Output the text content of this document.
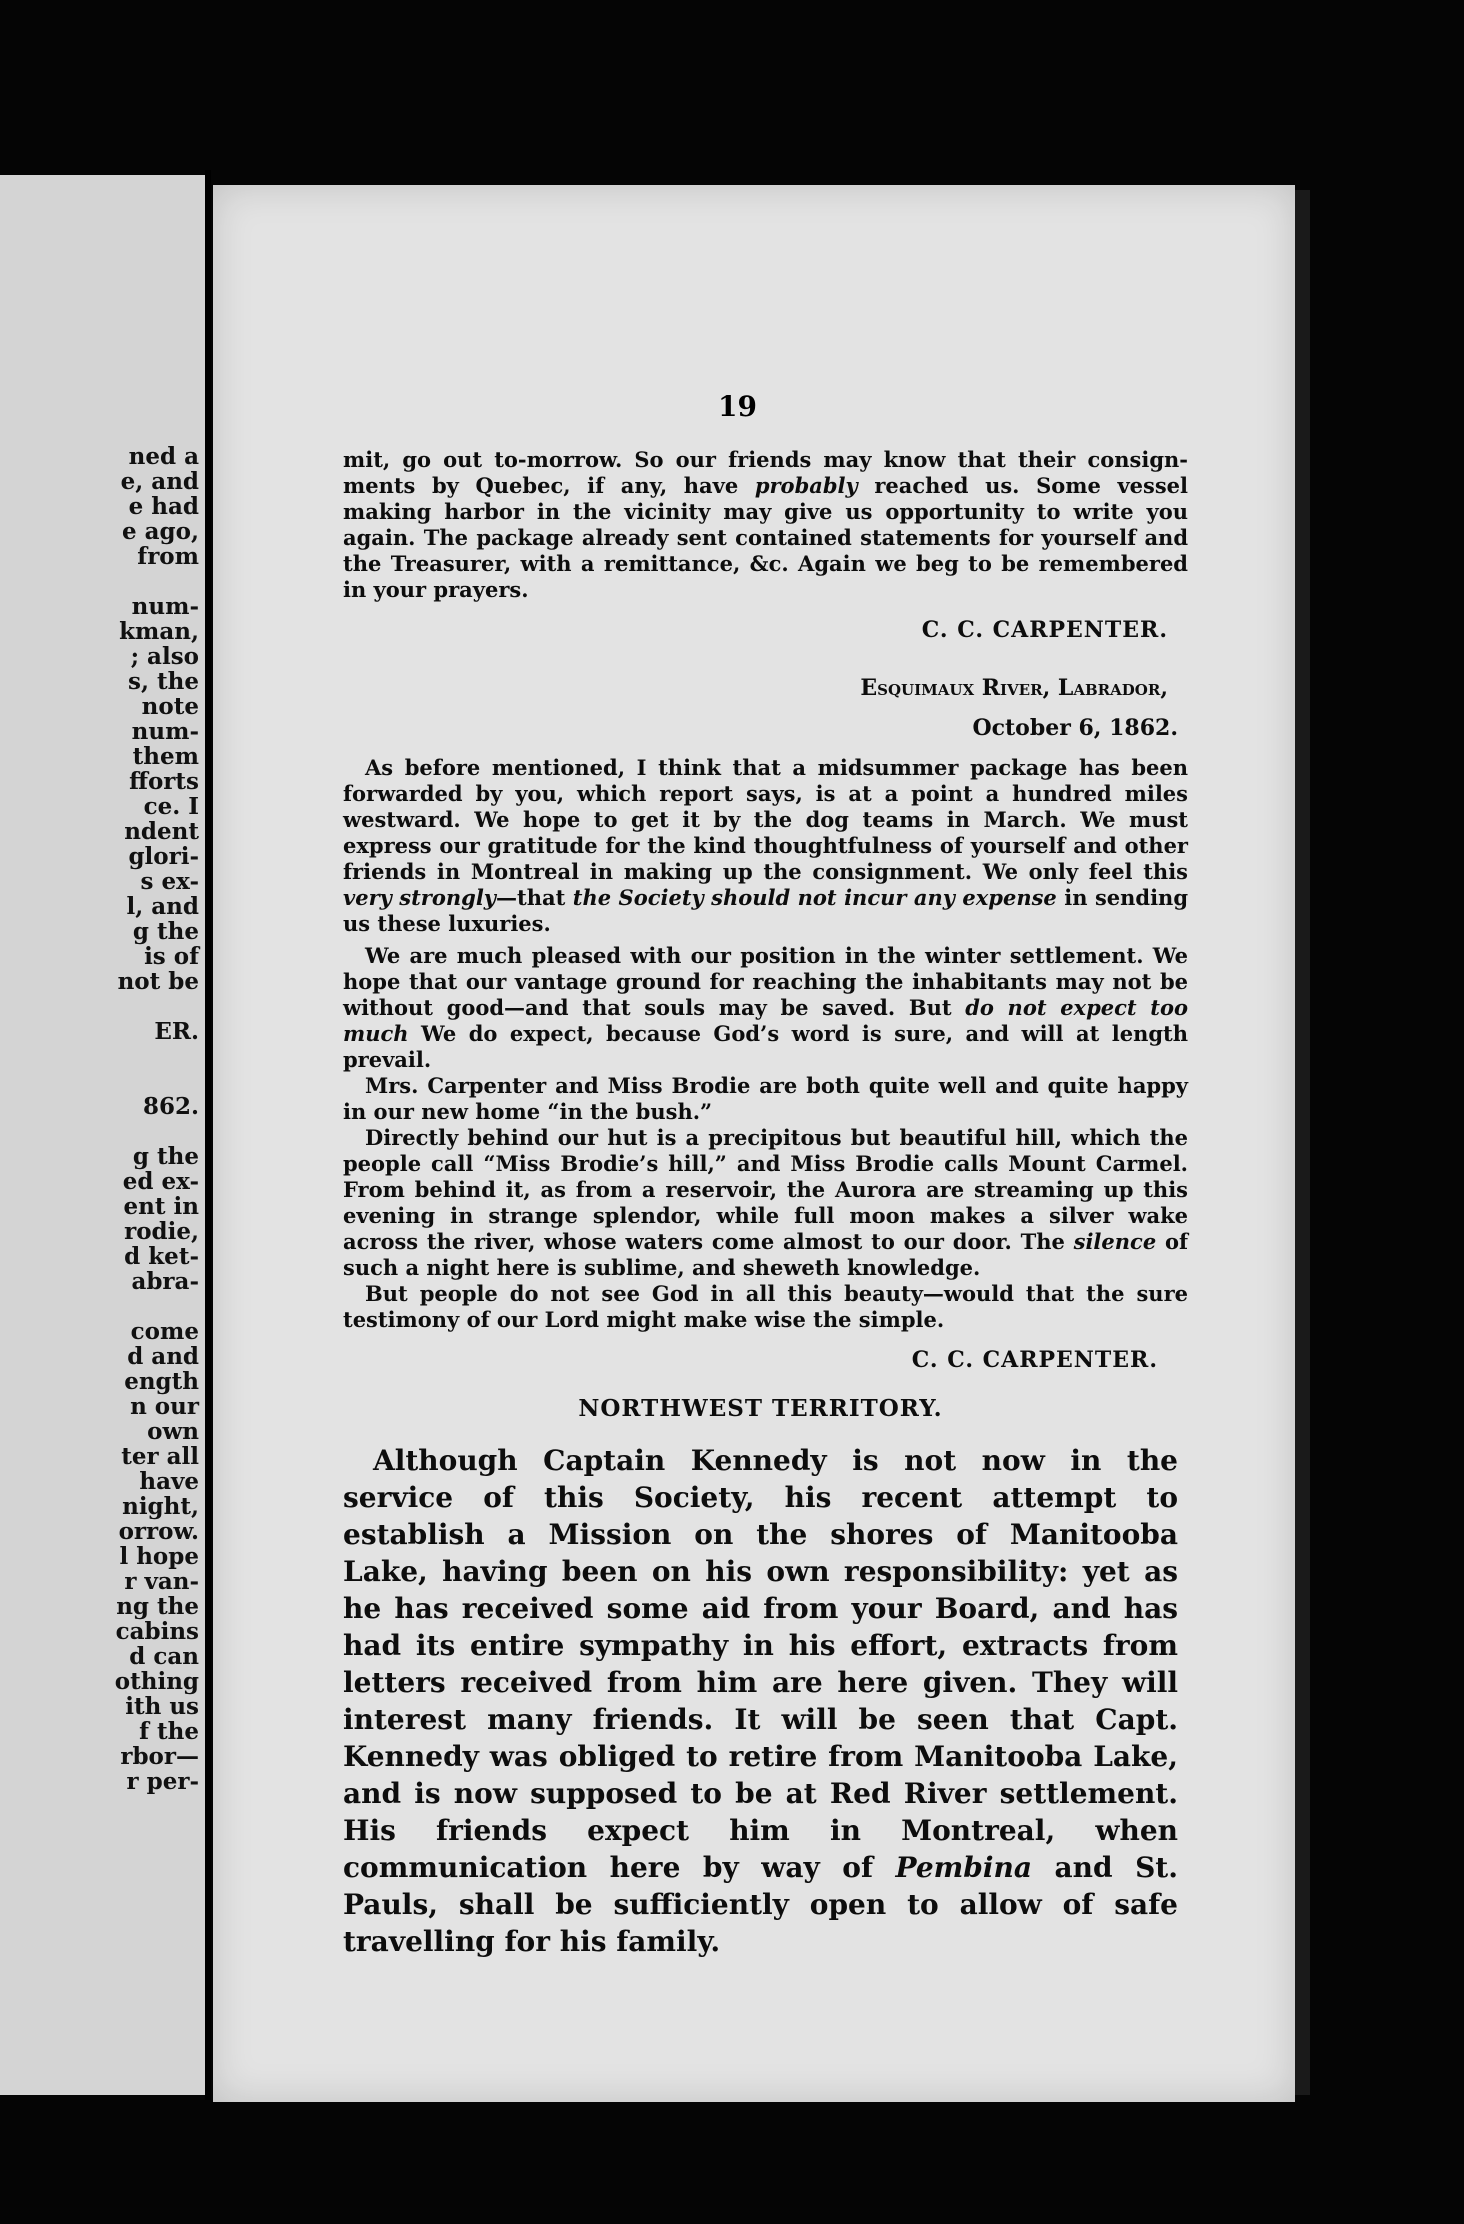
ned a
e, and
e had
e ago,
from
num-
kman,
; also
s, the
note
num-
them
fforts
ce. I
ndent
glori-
s ex-
l, and
g the
is of
not be
ER.
862.
g the
ed ex-
ent in
rodie,
d ket-
abra-
come
d and
ength
n our
own
ter all
have
night,
orrow.
l hope
r van-
ng the
cabins
d can
othing
ith us
f the
rbor—
r per-
19

mit, go out to-morrow. So our friends may know that their consignments by Quebec, if any, have probably reached us. Some vessel making harbor in the vicinity may give us opportunity to write you again. The package already sent contained statements for yourself and the Treasurer, with a remittance, &c. Again we beg to be remembered in your prayers.

C. C. CARPENTER.
Esquimaux River, Labrador,
October 6, 1862.

As before mentioned, I think that a midsummer package has been forwarded by you, which report says, is at a point a hundred miles westward. We hope to get it by the dog teams in March. We must express our gratitude for the kind thoughtfulness of yourself and other friends in Montreal in making up the consignment. We only feel this very strongly—that the Society should not incur any expense in sending us these luxuries.

We are much pleased with our position in the winter settlement. We hope that our vantage ground for reaching the inhabitants may not be without good—and that souls may be saved. But do not expect too much We do expect, because God’s word is sure, and will at length prevail.

Mrs. Carpenter and Miss Brodie are both quite well and quite happy in our new home “in the bush.”

Directly behind our hut is a precipitous but beautiful hill, which the people call “Miss Brodie’s hill,” and Miss Brodie calls Mount Carmel. From behind it, as from a reservoir, the Aurora are streaming up this evening in strange splendor, while full moon makes a silver wake across the river, whose waters come almost to our door. The silence of such a night here is sublime, and sheweth knowledge.

But people do not see God in all this beauty—would that the sure testimony of our Lord might make wise the simple.

C. C. CARPENTER.
NORTHWEST TERRITORY.

Although Captain Kennedy is not now in the service of this Society, his recent attempt to establish a Mission on the shores of Manitooba Lake, having been on his own responsibility: yet as he has received some aid from your Board, and has had its entire sympathy in his effort, extracts from letters received from him are here given. They will interest many friends. It will be seen that Capt. Kennedy was obliged to retire from Manitooba Lake, and is now supposed to be at Red River settlement. His friends expect him in Montreal, when communication here by way of Pembina and St. Pauls, shall be sufficiently open to allow of safe travelling for his family.
